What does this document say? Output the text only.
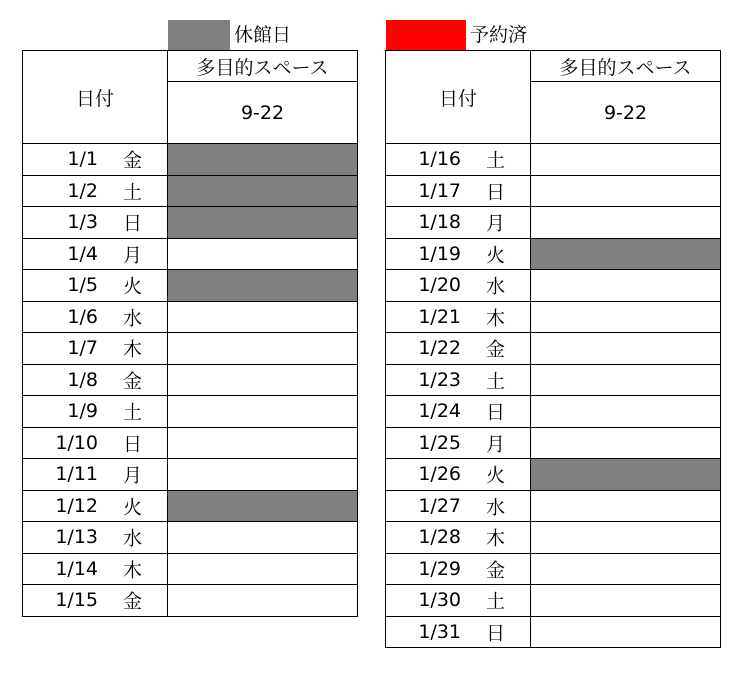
休館日	予約済
日付	多目的スペース
	9-22

1/1 金	

1/2 土	

1/3 日	

1/4 月	

1/5 火	

1/6 水	

1/7 木	

1/8 金	

1/9 土	

1/10 日	

1/11 月	

1/12 火	

1/13 水	

1/14 木	

1/15 金	

日付	多目的スペース
	9-22

1/16 土	

1/17 日	

1/18 月	

1/19 火	

1/20 水	

1/21 木	

1/22 金	

1/23 土	

1/24 日	

1/25 月	

1/26 火	

1/27 水	

1/28 木	

1/29 金	

1/30 土	

1/31 日	
